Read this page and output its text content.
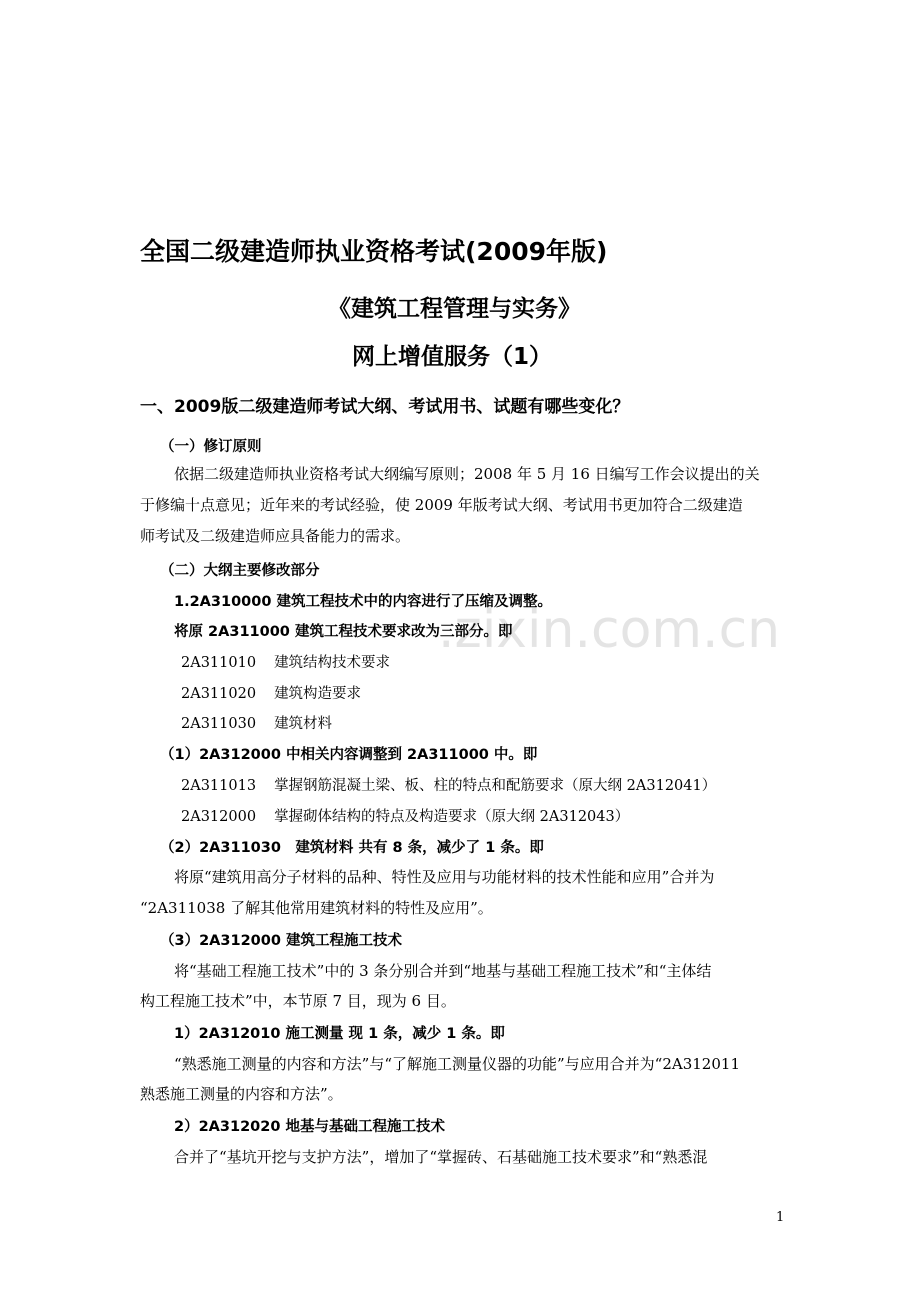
.zixin.com.cn
全国二级建造师执业资格考试(2009年版)
《建筑工程管理与实务》
网上增值服务（1）
一、2009版二级建造师考试大纲、考试用书、试题有哪些变化？
（一）修订原则
依据二级建造师执业资格考试大纲编写原则；2008 年 5 月 16 日编写工作会议提出的关
于修编十点意见；近年来的考试经验，使 2009 年版考试大纲、考试用书更加符合二级建造
师考试及二级建造师应具备能力的需求。
（二）大纲主要修改部分
1.2A310000 建筑工程技术中的内容进行了压缩及调整。
将原 2A311000 建筑工程技术要求改为三部分。即
2A311010 建筑结构技术要求
2A311020 建筑构造要求
2A311030 建筑材料
（1）2A312000 中相关内容调整到 2A311000 中。即
2A311013 掌握钢筋混凝土梁、板、柱的特点和配筋要求（原大纲 2A312041）
2A312000 掌握砌体结构的特点及构造要求（原大纲 2A312043）
（2）2A311030　建筑材料 共有 8 条，减少了 1 条。即
将原“建筑用高分子材料的品种、特性及应用与功能材料的技术性能和应用”合并为
“2A311038 了解其他常用建筑材料的特性及应用”。
（3）2A312000 建筑工程施工技术
将“基础工程施工技术”中的 3 条分别合并到“地基与基础工程施工技术”和“主体结
构工程施工技术”中，本节原 7 目，现为 6 目。
1）2A312010 施工测量 现 1 条，减少 1 条。即
“熟悉施工测量的内容和方法”与“了解施工测量仪器的功能”与应用合并为“2A312011
熟悉施工测量的内容和方法”。
2）2A312020 地基与基础工程施工技术
合并了“基坑开挖与支护方法”，增加了“掌握砖、石基础施工技术要求”和“熟悉混
1
